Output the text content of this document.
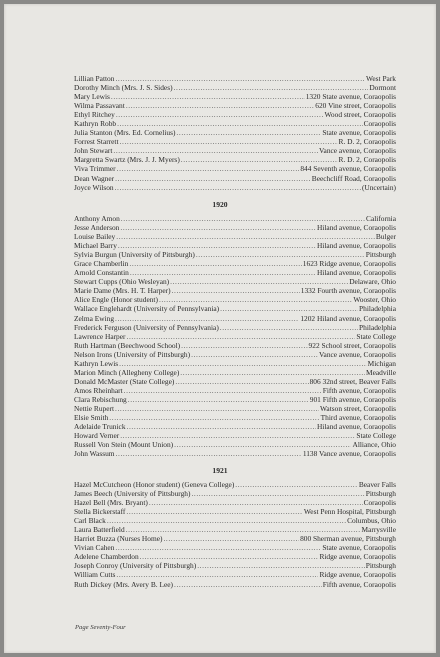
Lillian Patton .....	West Park
Dorothy Minch (Mrs. J. S. Sides) .....	Dormont
Mary Lewis .....	1320 State avenue, Coraopolis
Wilma Passavant .....	620 Vine street, Coraopolis
Ethyl Ritchey .....	Wood street, Coraopolis
Kathryn Robb .....	Coraopolis
Julia Stanton (Mrs. Ed. Cornelius) .....	State avenue, Coraopolis
Forrest Starrett .....	R. D. 2, Coraopolis
John Stewart .....	Vance avenue, Coraopolis
Margretta Swartz (Mrs. J. J. Myers) .....	R. D. 2, Coraopolis
Viva Trimmer .....	844 Seventh avenue, Coraopolis
Dean Wagner .....	Beechcliff Road, Coraopolis
Joyce Wilson .....	(Uncertain)
1920
Anthony Amon .....	California
Jesse Anderson .....	Hiland avenue, Coraopolis
Louise Bailey .....	Bulger
Michael Barry .....	Hiland avenue, Coraopolis
Sylvia Burgun (University of Pittsburgh) .....	Pittsburgh
Grace Chamberlin .....	1623 Ridge avenue, Coraopolis
Arnold Constantin .....	Hiland avenue, Coraopolis
Stewart Cupps (Ohio Wesleyan) .....	Delaware, Ohio
Marie Dame (Mrs. H. T. Harper) .....	1332 Fourth avenue, Coraopolis
Alice Engle (Honor student) .....	Wooster, Ohio
Wallace Englehardt (University of Pennsylvania) .....	Philadelphia
Zelma Ewing .....	1202 Hiland avenue, Coraopolis
Frederick Ferguson (University of Pennsylvania) .....	Philadelphia
Lawrence Harper .....	State College
Ruth Hartman (Beechwood School) .....	922 School street, Coraopolis
Nelson Irons (University of Pittsburgh) .....	Vance avenue, Coraopolis
Kathryn Lewis .....	Michigan
Marion Minch (Allegheny College) .....	Meadville
Donald McMaster (State College) .....	806 32nd street, Beaver Falls
Amos Rheinhart .....	Fifth avenue, Coraopolis
Clara Rebischung .....	901 Fifth avenue, Coraopolis
Nettie Rupert .....	Watson street, Coraopolis
Elsie Smith .....	Third avenue, Coraopolis
Adelaide Trunick .....	Hiland avenue, Coraopolis
Howard Verner .....	State College
Russell Von Stein (Mount Union) .....	Alliance, Ohio
John Wassum .....	1138 Vance avenue, Coraopolis
1921
Hazel McCutcheon (Honor student) (Geneva College) .....	Beaver Falls
James Beech (University of Pittsburgh) .....	Pittsburgh
Hazel Bell (Mrs. Bryant) .....	Coraopolis
Stella Bickerstaff .....	West Penn Hospital, Pittsburgh
Carl Black .....	Columbus, Ohio
Laura Batterfield .....	Marrysville
Harriet Buzza (Nurses Home) .....	800 Sherman avenue, Pittsburgh
Vivian Cahen .....	State avenue, Coraopolis
Adelene Chamberdon .....	Ridge avenue, Coraopolis
Joseph Conroy (University of Pittsburgh) .....	Pittsburgh
William Cutts .....	Ridge avenue, Coraopolis
Ruth Dickey (Mrs. Avery B. Lee) .....	Fifth avenue, Coraopolis
Page Seventy-Four
